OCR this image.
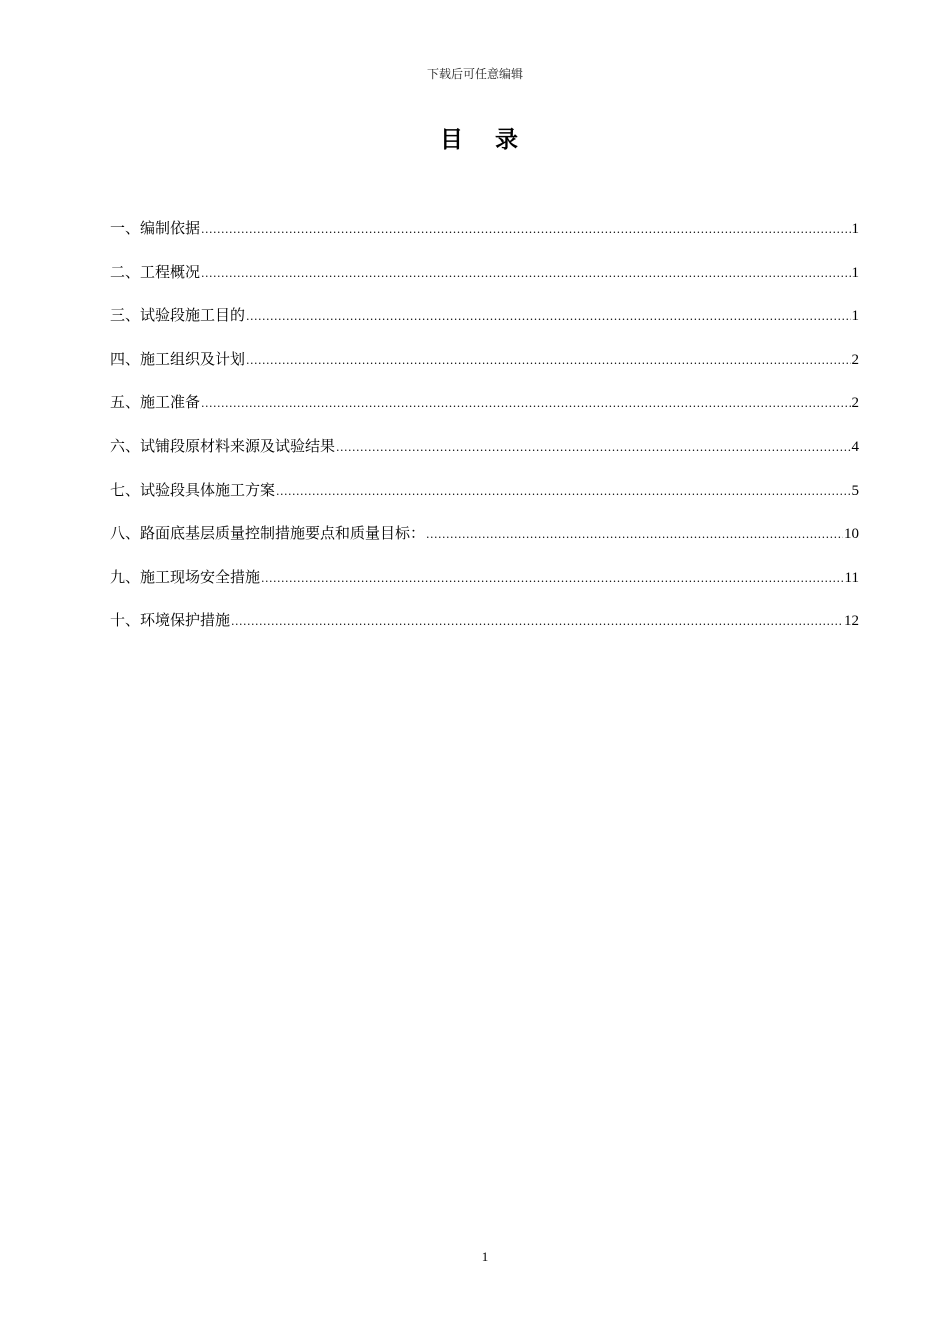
下载后可任意编辑
目 录
一、编制依据 .....	1
二、工程概况 .....	1
三、试验段施工目的 .....	1
四、施工组织及计划 .....	2
五、施工准备 .....	2
六、试铺段原材料来源及试验结果 .....	4
七、试验段具体施工方案 .....	5
八、路面底基层质量控制措施要点和质量目标： .....	10
九、施工现场安全措施 .....	11
十、环境保护措施 .....	12
1
